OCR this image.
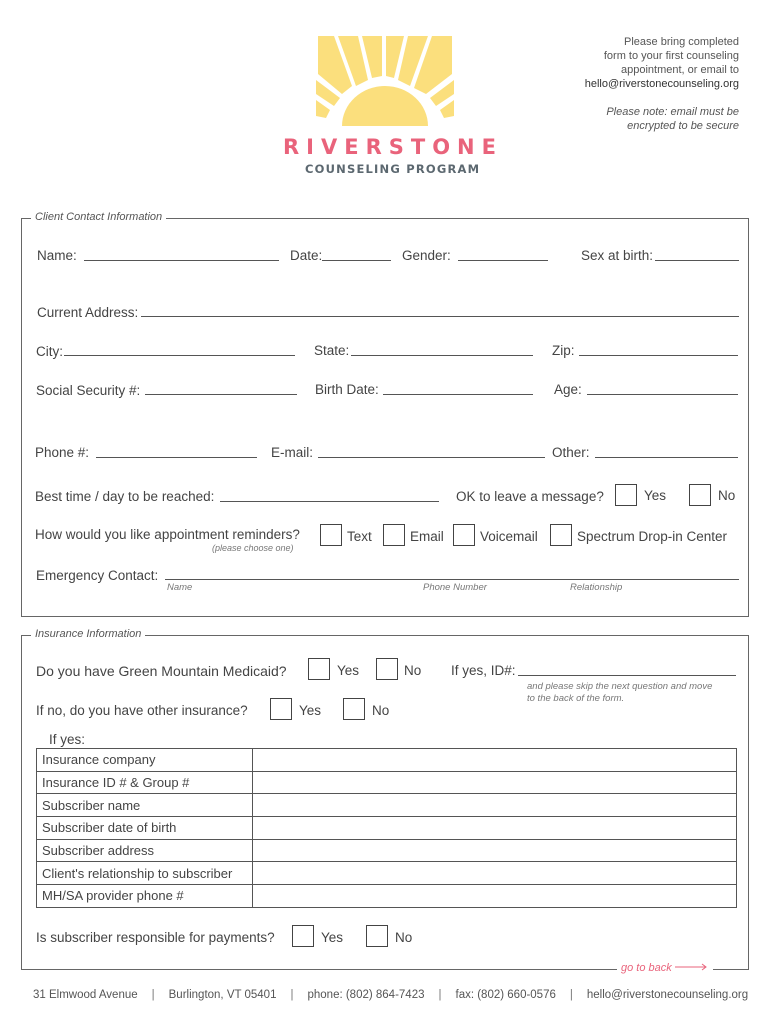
RIVERSTONE
COUNSELING PROGRAM
Please bring completed
form to your first counseling
appointment, or email to
hello@riverstonecounseling.org
Please note: email must be
encrypted to be secure
Client Contact Information
Name:	Date:	Gender:	Sex at birth:
Current Address:
City:	State:	Zip:
Social Security #:	Birth Date:	Age:
Phone #:	E-mail:	Other:
Best time / day to be reached:	OK to leave a message?	Yes	No
How would you like appointment reminders?
(please choose one)
Text	Email	Voicemail	Spectrum Drop-in Center
Emergency Contact:
Name	Phone Number	Relationship
Insurance Information
Do you have Green Mountain Medicaid?	Yes	No If yes, ID#:
and please skip the next question and move
to the back of the form.
If no, do you have other insurance?	Yes	No
If yes:
Insurance company	
Insurance ID # & Group #	
Subscriber name	
Subscriber date of birth	
Subscriber address	
Client's relationship to subscriber	
MH/SA provider phone #	
Is subscriber responsible for payments?	Yes	No
go to back
31 Elmwood Avenue | Burlington, VT 05401 | phone: (802) 864-7423 | fax: (802) 660-0576 | hello@riverstonecounseling.org
